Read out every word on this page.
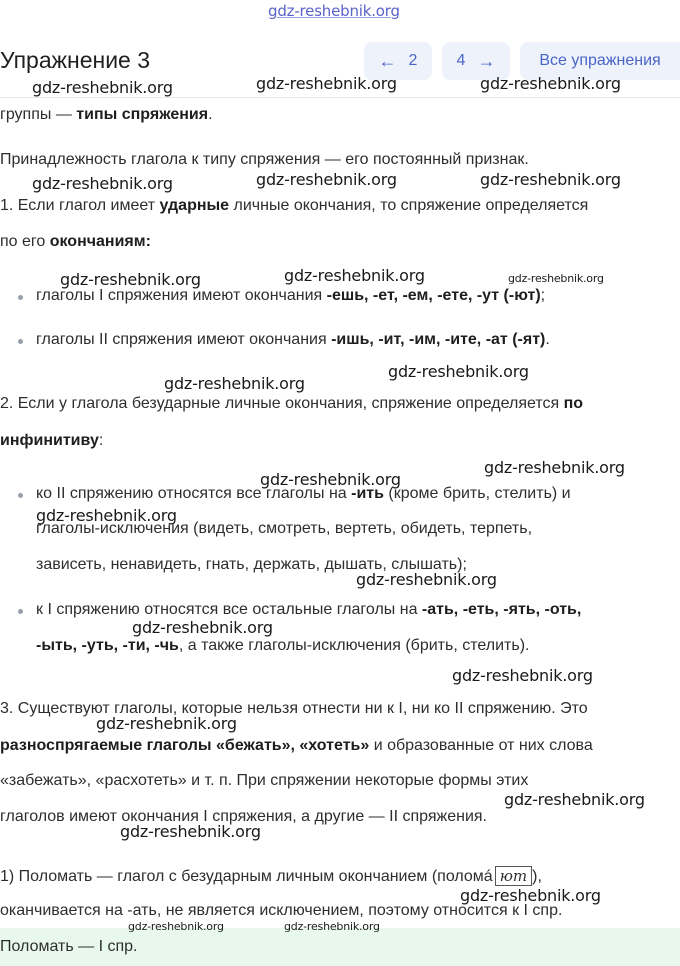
Упражнение 3	← 2 4 →	Все упражнения
группы — типы спряжения.
Принадлежность глагола к типу спряжения — его постоянный признак.
1. Если глагол имеет ударные личные окончания, то спряжение определяется
по его окончаниям:
глаголы I спряжения имеют окончания -ешь, -ет, -ем, -ете, -ут (-ют);
глаголы II спряжения имеют окончания -ишь, -ит, -им, -ите, -ат (-ят).
2. Если у глагола безударные личные окончания, спряжение определяется по
инфинитиву:
ко II спряжению относятся все глаголы на -ить (кроме брить, стелить) и
глаголы-исключения (видеть, смотреть, вертеть, обидеть, терпеть,
зависеть, ненавидеть, гнать, держать, дышать, слышать);
к I спряжению относятся все остальные глаголы на -ать, -еть, -ять, -оть,
-ыть, -уть, -ти, -чь, а также глаголы-исключения (брить, стелить).
3. Существуют глаголы, которые нельзя отнести ни к I, ни ко II спряжению. Это
разноспрягаемые глаголы «бежать», «хотеть» и образованные от них слова
«забежать», «расхотеть» и т. п. При спряжении некоторые формы этих
глаголов имеют окончания I спряжения, а другие — II спряжения.
1) Поломать — глагол с безударным личным окончанием (поломá ют ),
оканчивается на -ать, не является исключением, поэтому относится к I спр.
Поломать — I спр.
gdz-reshebnik.org
gdz-reshebnik.org	gdz-reshebnik.org	gdz-reshebnik.org
gdz-reshebnik.org	gdz-reshebnik.org	gdz-reshebnik.org
gdz-reshebnik.org	gdz-reshebnik.org	gdz-reshebnik.org
gdz-reshebnik.org
gdz-reshebnik.org
gdz-reshebnik.org
gdz-reshebnik.org
gdz-reshebnik.org
gdz-reshebnik.org
gdz-reshebnik.org
gdz-reshebnik.org
gdz-reshebnik.org
gdz-reshebnik.org
gdz-reshebnik.org
gdz-reshebnik.org
gdz-reshebnik.org	gdz-reshebnik.org
